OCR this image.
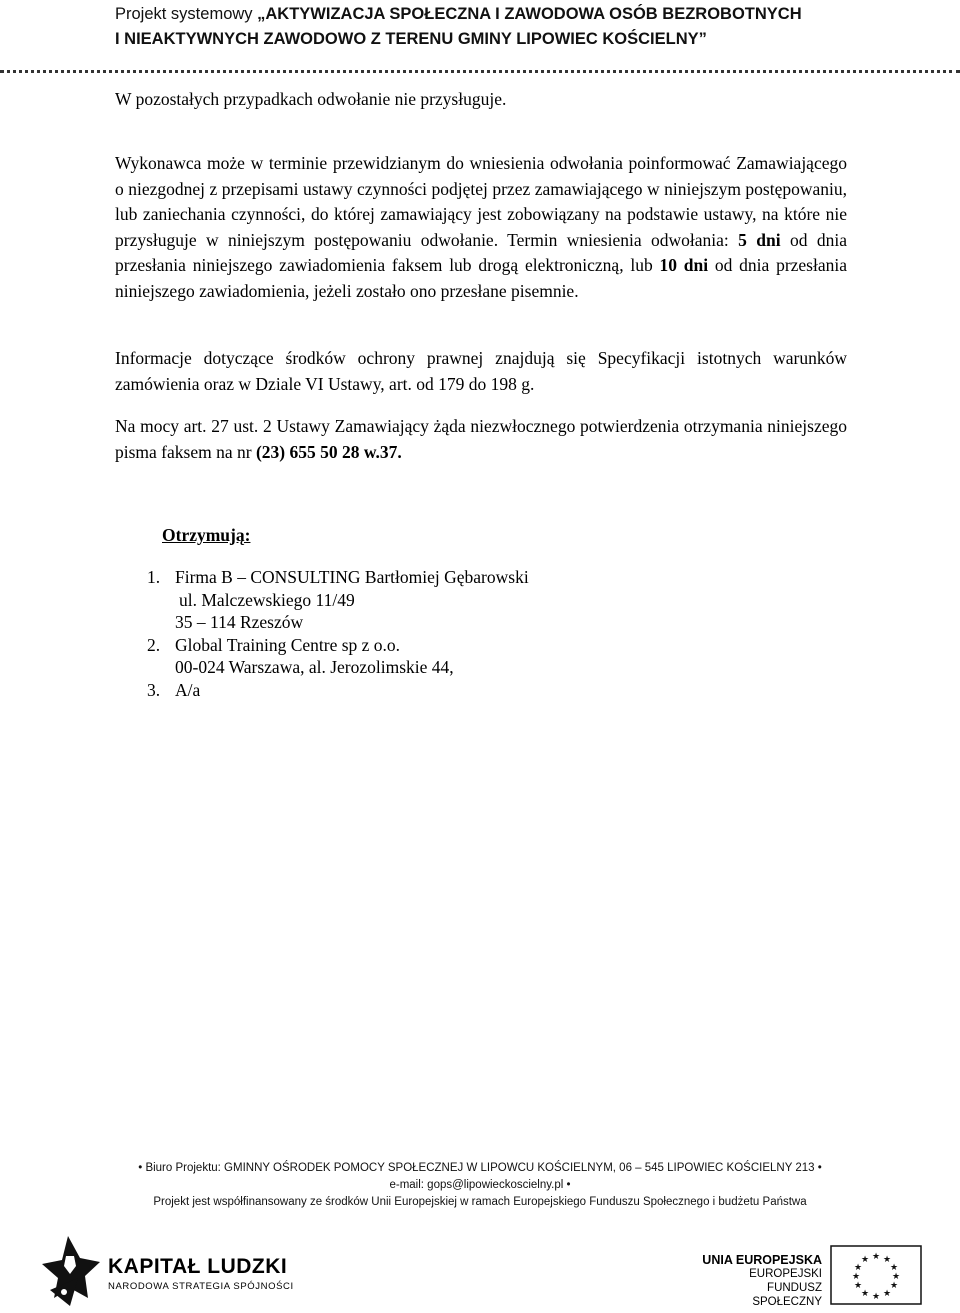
Projekt systemowy „AKTYWIZACJA SPOŁECZNA I ZAWODOWA OSÓB BEZROBOTNYCH
I NIEAKTYWNYCH ZAWODOWO Z TERENU GMINY LIPOWIEC KOŚCIELNY”

W pozostałych przypadkach odwołanie nie przysługuje.

Wykonawca może w terminie przewidzianym do wniesienia odwołania poinformować Zamawiającego o niezgodnej z przepisami ustawy czynności podjętej przez zamawiającego w niniejszym postępowaniu, lub zaniechania czynności, do której zamawiający jest zobowiązany na podstawie ustawy, na które nie przysługuje w niniejszym postępowaniu odwołanie. Termin wniesienia odwołania: 5 dni od dnia przesłania niniejszego zawiadomienia faksem lub drogą elektroniczną, lub 10 dni od dnia przesłania niniejszego zawiadomienia, jeżeli zostało ono przesłane pisemnie.

Informacje dotyczące środków ochrony prawnej znajdują się Specyfikacji istotnych warunków zamówienia oraz w Dziale VI Ustawy, art. od 179 do 198 g.

Na mocy art. 27 ust. 2 Ustawy Zamawiający żąda niezwłocznego potwierdzenia otrzymania niniejszego pisma faksem na nr (23) 655 50 28 w.37.

Otrzymują:
1. Firma B – CONSULTING Bartłomiej Gębarowski
ul. Malczewskiego 11/49
35 – 114 Rzeszów
2. Global Training Centre sp z o.o.
00-024 Warszawa, al. Jerozolimskie 44,
3. A/a
• Biuro Projektu: GMINNY OŚRODEK POMOCY SPOŁECZNEJ W LIPOWCU KOŚCIELNYM, 06 – 545 LIPOWIEC KOŚCIELNY 213 •
e-mail: gops@lipowieckoscielny.pl •
Projekt jest współfinansowany ze środków Unii Europejskiej w ramach Europejskiego Funduszu Społecznego i budżetu Państwa
KAPITAŁ LUDZKI
NARODOWA STRATEGIA SPÓJNOŚCI
UNIA EUROPEJSKA
EUROPEJSKI
FUNDUSZ SPOŁECZNY
★ ★
★
★
★
★
★
★
★
★
★
★
